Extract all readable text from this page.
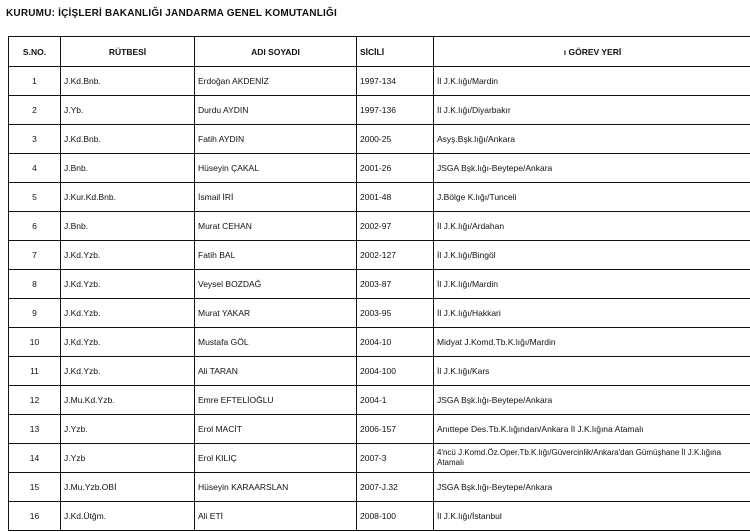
KURUMU: İÇİŞLERİ BAKANLIĞI JANDARMA GENEL KOMUTANLIĞI
S.NO.	RÜTBESİ	ADI SOYADI	SİCİLİ	ı GÖREV YERİ
1	J.Kd.Bnb.	Erdoğan AKDENİZ	1997-134	İl J.K.lığı/Mardin
2	J.Yb.	Durdu AYDIN	1997-136	İl J.K.lığı/Diyarbakır
3	J.Kd.Bnb.	Fatih AYDIN	2000-25	Asyş.Bşk.lığı/Ankara
4	J.Bnb.	Hüseyin ÇAKAL	2001-26	JSGA Bşk.lığı-Beytepe/Ankara
5	J.Kur.Kd.Bnb.	İsmail İRİ	2001-48	J.Bölge K.lığı/Tunceli
6	J.Bnb.	Murat CEHAN	2002-97	İl J.K.lığı/Ardahan
7	J.Kd.Yzb.	Fatih BAL	2002-127	İl J.K.lığı/Bingöl
8	J.Kd.Yzb.	Veysel BOZDAĞ	2003-87	İl J.K.lığı/Mardin
9	J.Kd.Yzb.	Murat YAKAR	2003-95	İl J.K.lığı/Hakkari
10	J.Kd.Yzb.	Mustafa GÖL	2004-10	Midyat J.Komd.Tb.K.lığı/Mardin
11	J.Kd.Yzb.	Ali TARAN	2004-100	İl J.K.lığı/Kars
12	J.Mu.Kd.Yzb.	Emre EFTELİOĞLU	2004-1	JSGA Bşk.lığı-Beytepe/Ankara
13	J.Yzb.	Erol MACİT	2006-157	Anıttepe Des.Tb.K.lığından/Ankara İl J.K.lığına Atamalı
14	J.Yzb	Erol KILIÇ	2007-3	4'ncü J.Komd.Öz.Oper.Tb.K.lığı/Güvercinlik/Ankara'dan Gümüşhane İl J.K.lığına Atamalı
15	J.Mu.Yzb.OBİ	Hüseyin KARAARSLAN	2007-J.32	JSGA Bşk.lığı-Beytepe/Ankara
16	J.Kd.Ütğm.	Ali ETİ	2008-100	İl J.K.lığı/İstanbul
